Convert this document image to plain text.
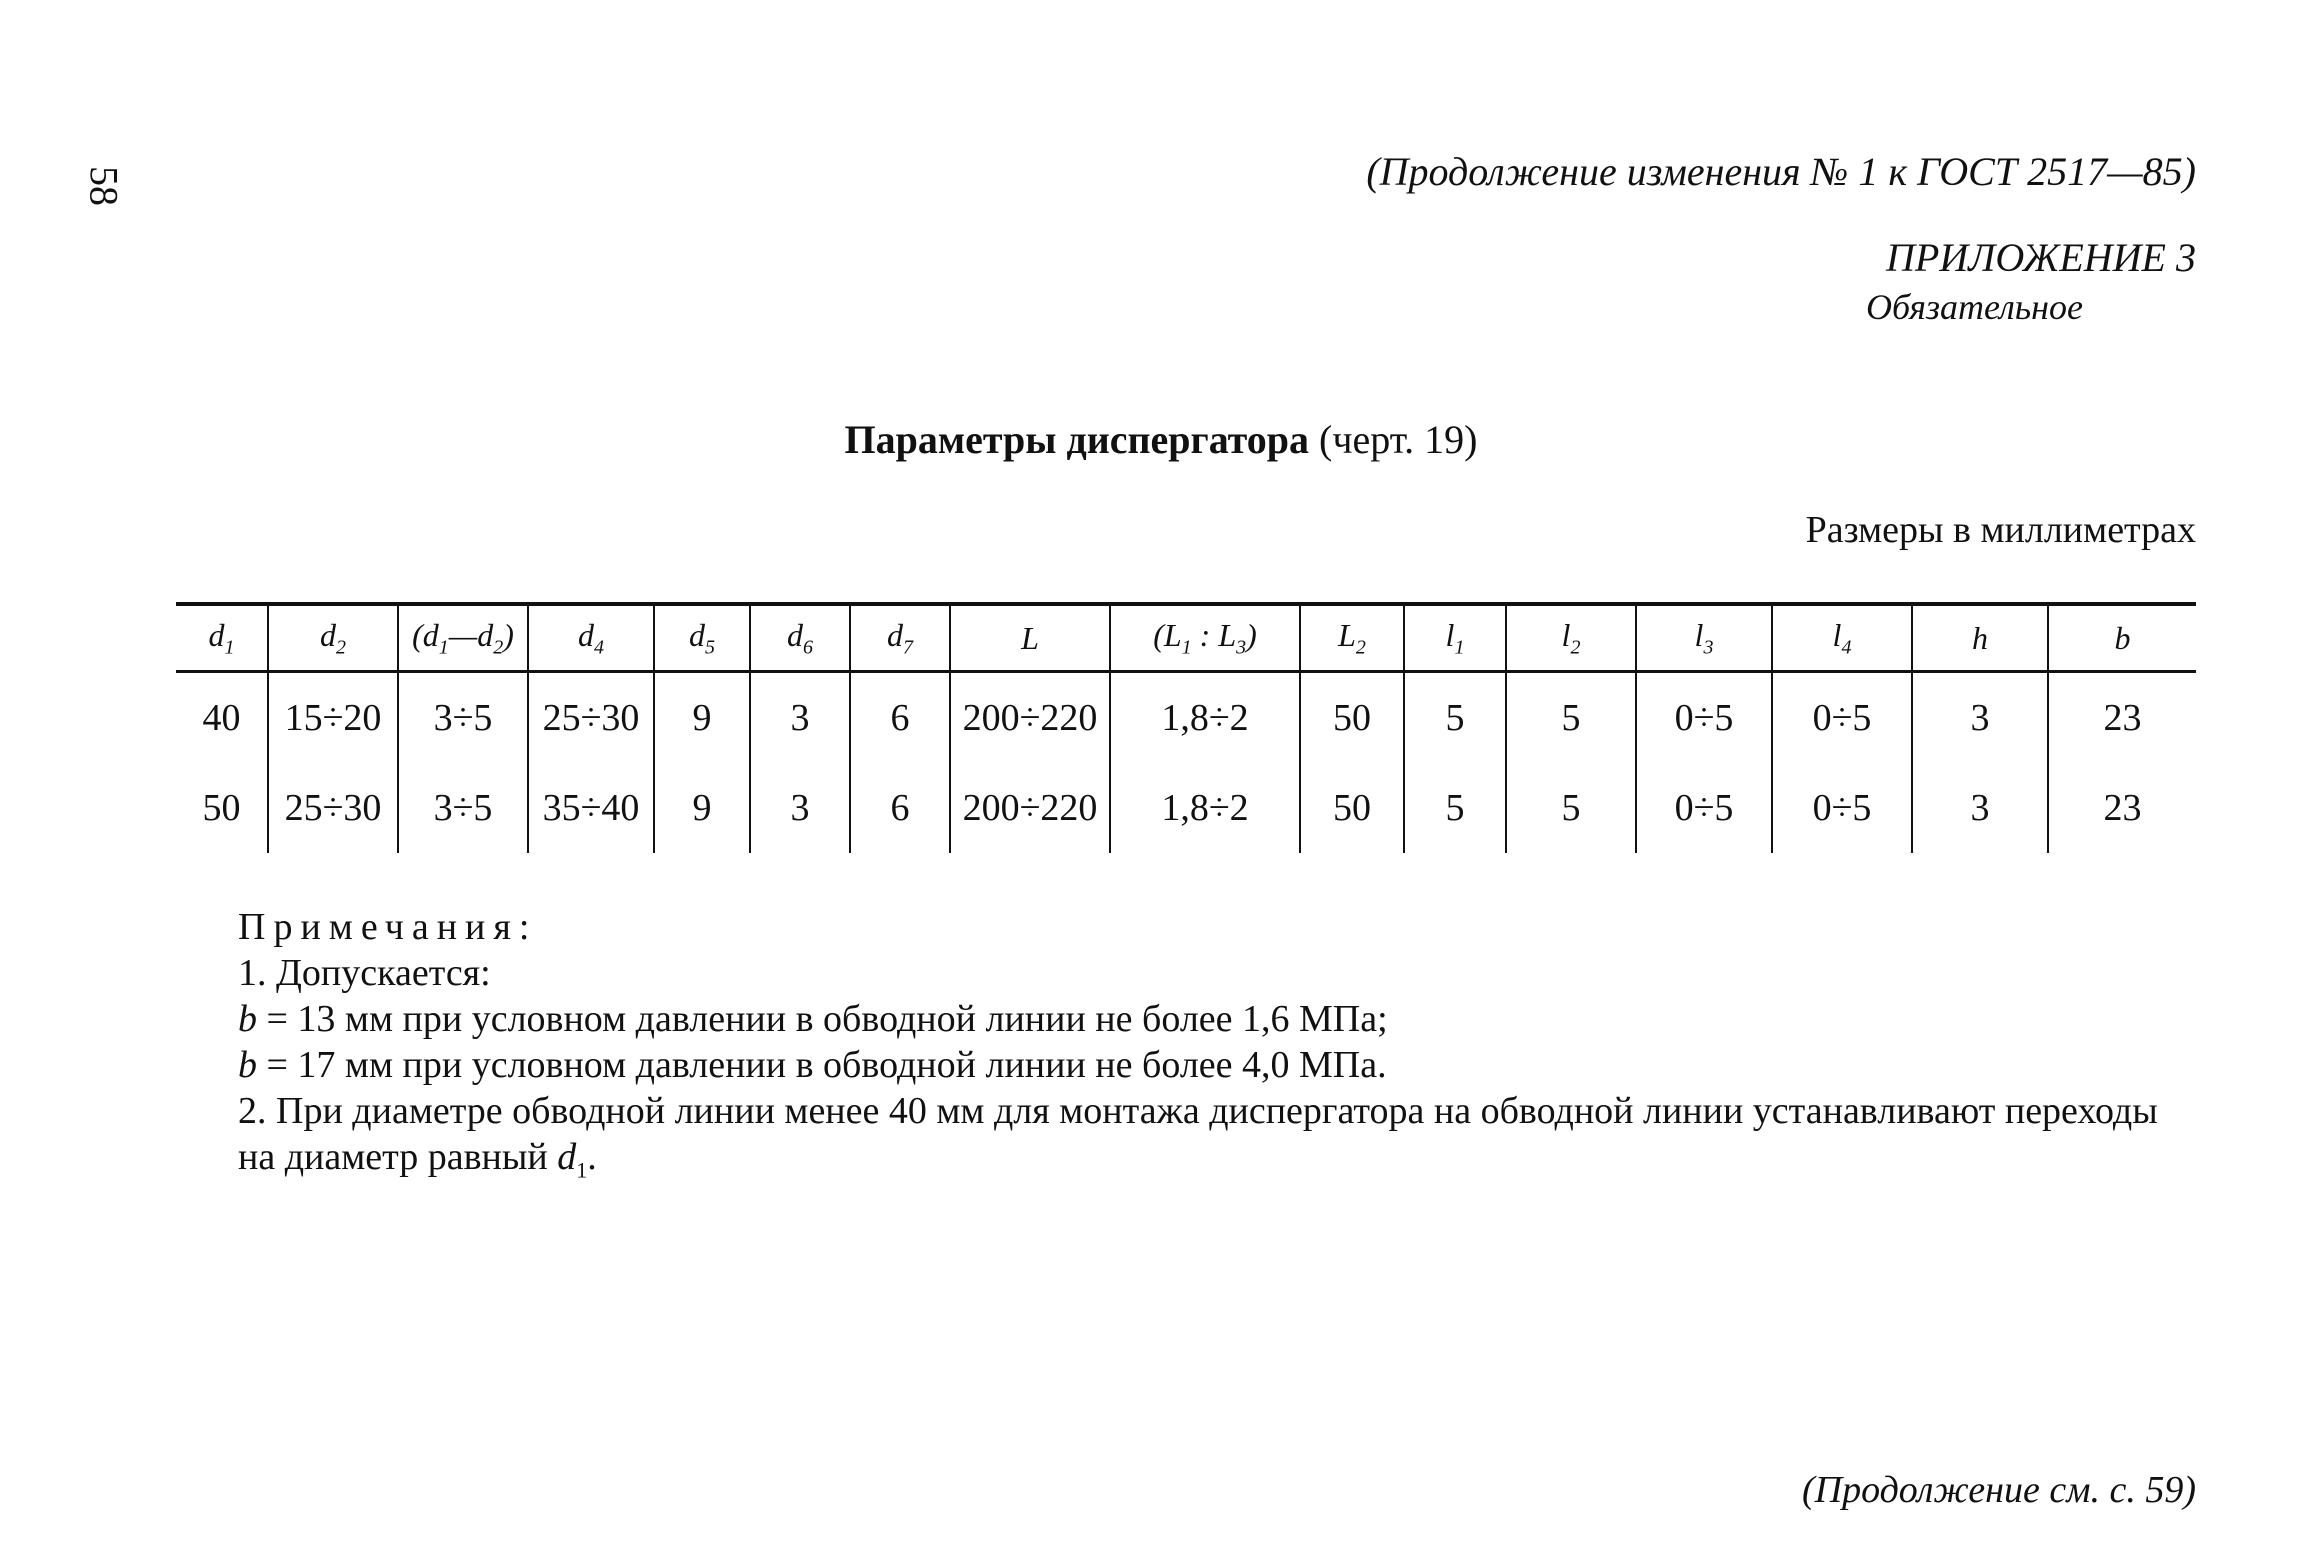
58	(Продолжение изменения № 1 к ГОСТ 2517—85)
ПРИЛОЖЕНИЕ 3
Обязательное
Параметры диспергатора (черт. 19)
Размеры в миллиметрах
$d_1$	$d_2$	$(d_1—d_2)$	$d_4$	$d_5$	$d_6$	$d_7$	L	($L_1$ : $L_3$)	$L_2$	$l_1$	$l_2$	$l_3$	$l_4$	h	b
40	15÷20	3÷5	25÷30	9	3	6	200÷220	1,8÷2	50	5	5	0÷5	0÷5	3	23
50	25÷30	3÷5	35÷40	9	3	6	200÷220	1,8÷2	50	5	5	0÷5	0÷5	3	23

Примечания:

1. Допускается:

b = 13 мм при условном давлении в обводной линии не более 1,6 МПа;

b = 17 мм при условном давлении в обводной линии не более 4,0 МПа.

2. При диаметре обводной линии менее 40 мм для монтажа диспергатора на обводной линии устанавливают переходы на диаметр равный $d_1$.

(Продолжение см. с. 59)
